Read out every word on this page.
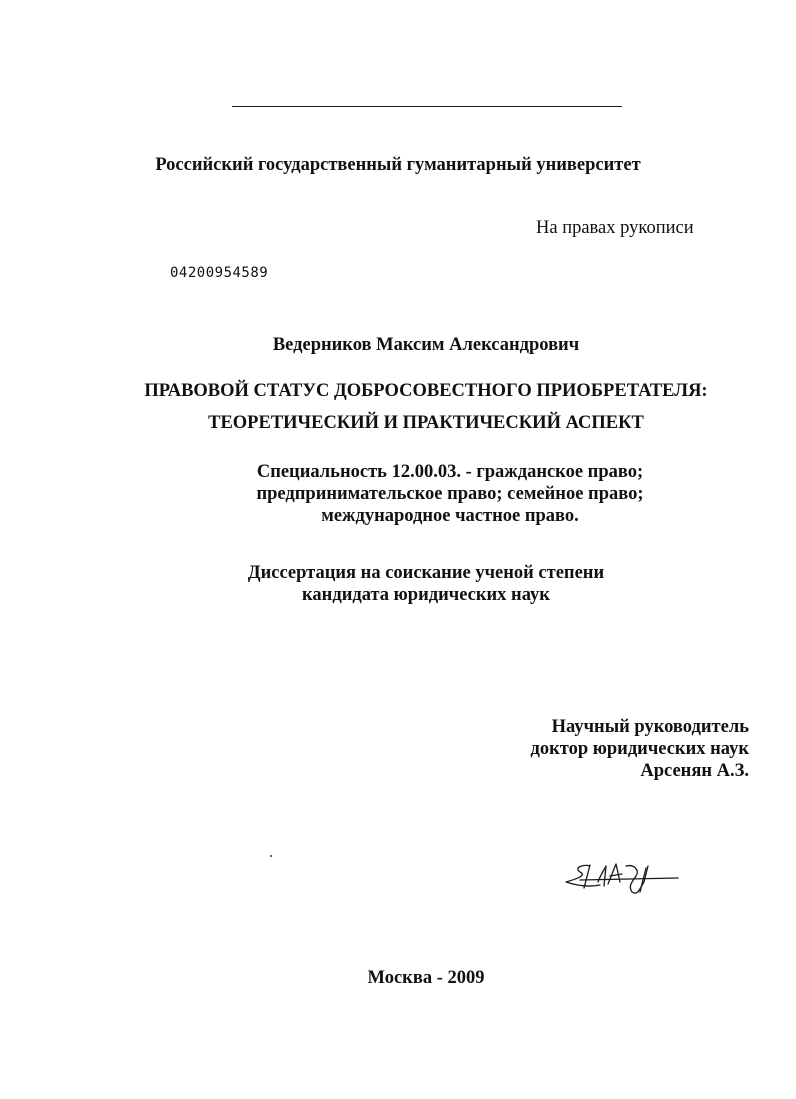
Российский государственный гуманитарный университет
На правах рукописи
04200954589
Ведерников Максим Александрович
ПРАВОВОЙ СТАТУС ДОБРОСОВЕСТНОГО ПРИОБРЕТАТЕЛЯ:
ТЕОРЕТИЧЕСКИЙ И ПРАКТИЧЕСКИЙ АСПЕКТ
Специальность 12.00.03. - гражданское право;
предпринимательское право; семейное право;
международное частное право.
Диссертация на соискание ученой степени
кандидата юридических наук
Научный руководитель
доктор юридических наук
Арсенян А.З.
Москва - 2009
